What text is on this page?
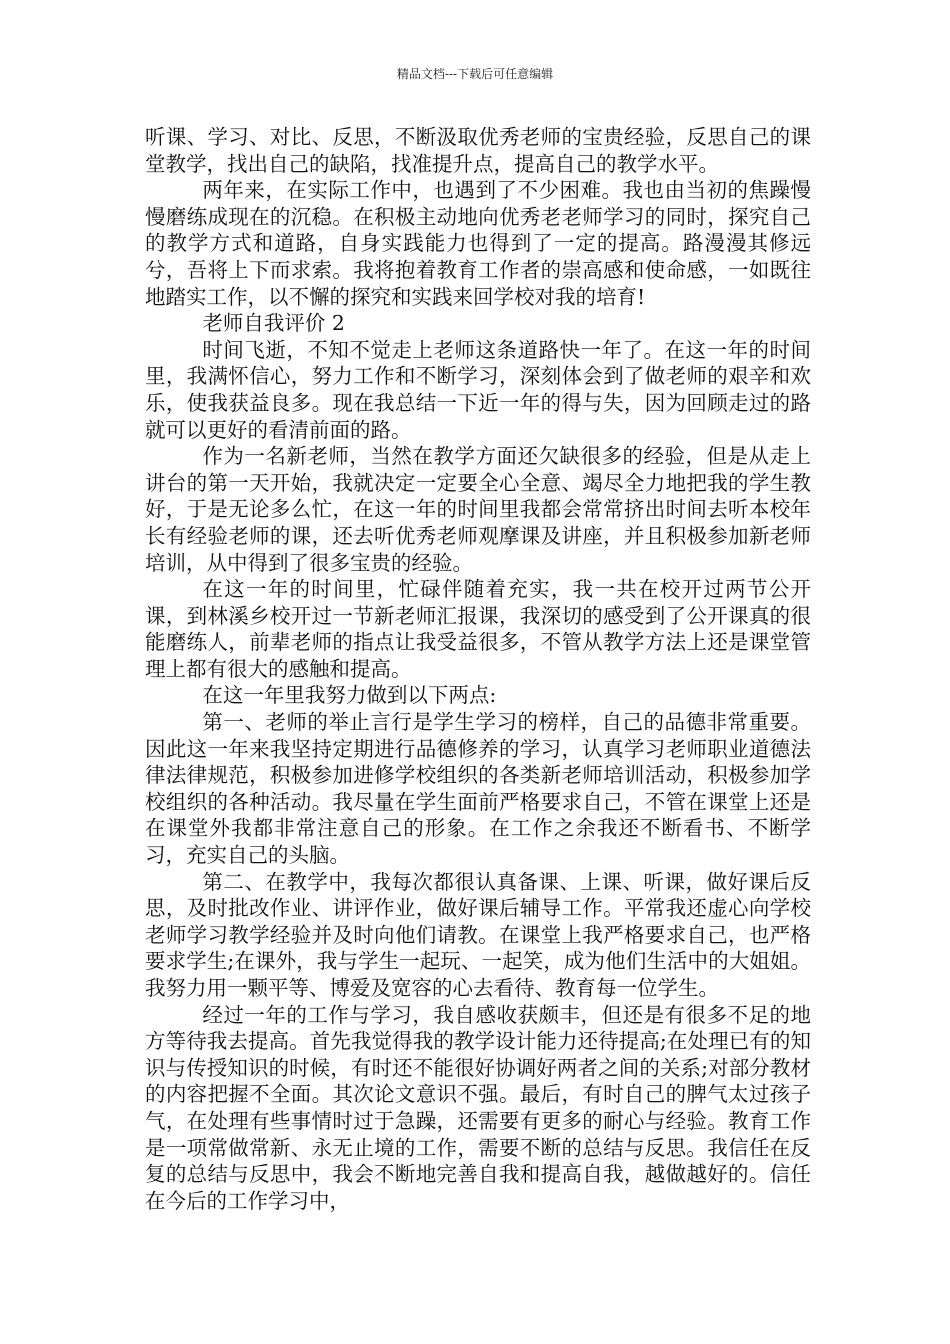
精品文档---下载后可任意编辑

听课、学习、对比、反思，不断汲取优秀老师的宝贵经验，反思自己的课堂教学，找出自己的缺陷，找准提升点，提高自己的教学水平。

两年来，在实际工作中，也遇到了不少困难。我也由当初的焦躁慢慢磨练成现在的沉稳。在积极主动地向优秀老老师学习的同时，探究自己的教学方式和道路，自身实践能力也得到了一定的提高。路漫漫其修远兮，吾将上下而求索。我将抱着教育工作者的崇高感和使命感，一如既往地踏实工作，以不懈的探究和实践来回学校对我的培育!

老师自我评价 2

时间飞逝，不知不觉走上老师这条道路快一年了。在这一年的时间里，我满怀信心，努力工作和不断学习，深刻体会到了做老师的艰辛和欢乐，使我获益良多。现在我总结一下近一年的得与失，因为回顾走过的路就可以更好的看清前面的路。

作为一名新老师，当然在教学方面还欠缺很多的经验，但是从走上讲台的第一天开始，我就决定一定要全心全意、竭尽全力地把我的学生教好，于是无论多么忙，在这一年的时间里我都会常常挤出时间去听本校年长有经验老师的课，还去听优秀老师观摩课及讲座，并且积极参加新老师培训，从中得到了很多宝贵的经验。

在这一年的时间里，忙碌伴随着充实，我一共在校开过两节公开课，到林溪乡校开过一节新老师汇报课，我深切的感受到了公开课真的很能磨练人，前辈老师的指点让我受益很多，不管从教学方法上还是课堂管理上都有很大的感触和提高。

在这一年里我努力做到以下两点:

第一、老师的举止言行是学生学习的榜样，自己的品德非常重要。因此这一年来我坚持定期进行品德修养的学习，认真学习老师职业道德法律法律规范，积极参加进修学校组织的各类新老师培训活动，积极参加学校组织的各种活动。我尽量在学生面前严格要求自己，不管在课堂上还是在课堂外我都非常注意自己的形象。在工作之余我还不断看书、不断学习，充实自己的头脑。

第二、在教学中，我每次都很认真备课、上课、听课，做好课后反思，及时批改作业、讲评作业，做好课后辅导工作。平常我还虚心向学校老师学习教学经验并及时向他们请教。在课堂上我严格要求自己，也严格要求学生;在课外，我与学生一起玩、一起笑，成为他们生活中的大姐姐。我努力用一颗平等、博爱及宽容的心去看待、教育每一位学生。

经过一年的工作与学习，我自感收获颇丰，但还是有很多不足的地方等待我去提高。首先我觉得我的教学设计能力还待提高;在处理已有的知识与传授知识的时候，有时还不能很好协调好两者之间的关系;对部分教材的内容把握不全面。其次论文意识不强。最后，有时自己的脾气太过孩子气，在处理有些事情时过于急躁，还需要有更多的耐心与经验。教育工作是一项常做常新、永无止境的工作，需要不断的总结与反思。我信任在反复的总结与反思中，我会不断地完善自我和提高自我，越做越好的。信任在今后的工作学习中，
